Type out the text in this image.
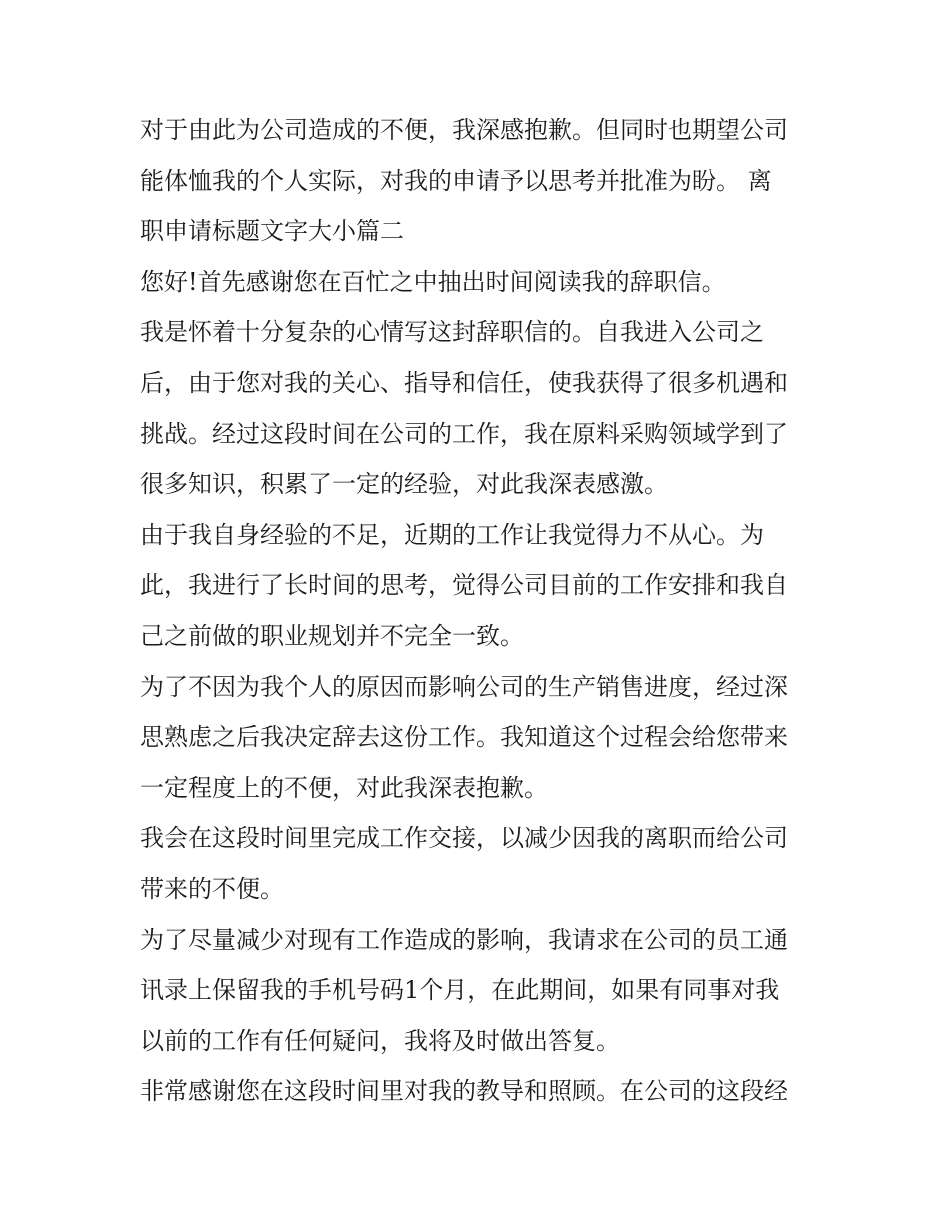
对于由此为公司造成的不便，我深感抱歉。但同时也期望公司
能体恤我的个人实际，对我的申请予以思考并批准为盼。 离
职申请标题文字大小篇二
您好!首先感谢您在百忙之中抽出时间阅读我的辞职信。
我是怀着十分复杂的心情写这封辞职信的。自我进入公司之
后，由于您对我的关心、指导和信任，使我获得了很多机遇和
挑战。经过这段时间在公司的工作，我在原料采购领域学到了
很多知识，积累了一定的经验，对此我深表感激。
由于我自身经验的不足，近期的工作让我觉得力不从心。为
此，我进行了长时间的思考，觉得公司目前的工作安排和我自
己之前做的职业规划并不完全一致。
为了不因为我个人的原因而影响公司的生产销售进度，经过深
思熟虑之后我决定辞去这份工作。我知道这个过程会给您带来
一定程度上的不便，对此我深表抱歉。
我会在这段时间里完成工作交接，以减少因我的离职而给公司
带来的不便。
为了尽量减少对现有工作造成的影响，我请求在公司的员工通
讯录上保留我的手机号码1个月，在此期间，如果有同事对我
以前的工作有任何疑问，我将及时做出答复。
非常感谢您在这段时间里对我的教导和照顾。在公司的这段经
